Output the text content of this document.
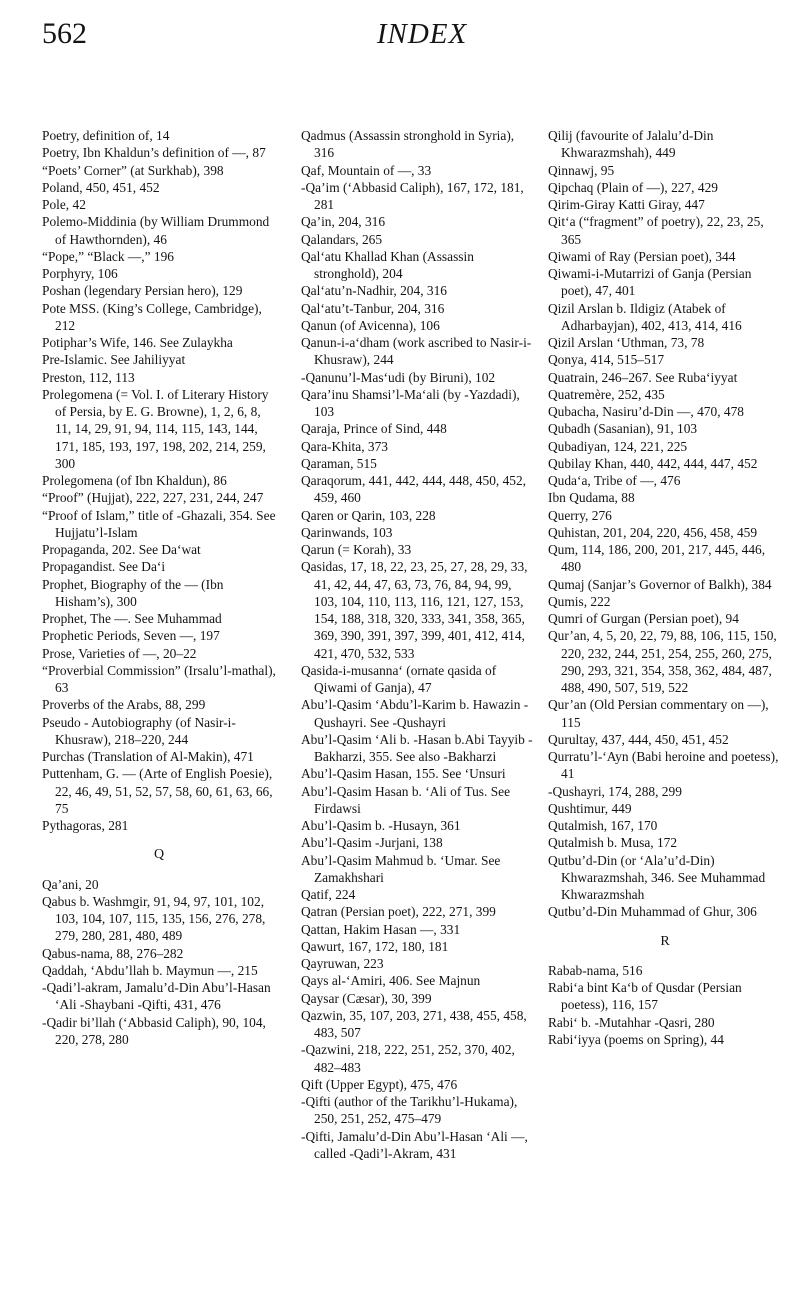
562	INDEX

Poetry, definition of, 14

Poetry, Ibn Khaldun’s definition of —, 87

“Poets’ Corner” (at Surkhab), 398

Poland, 450, 451, 452

Pole, 42

Polemo-Middinia (by William Drummond of Hawthornden), 46

“Pope,” “Black —,” 196

Porphyry, 106

Poshan (legendary Persian hero), 129

Pote MSS. (King’s College, Cambridge), 212

Potiphar’s Wife, 146. See Zulaykha

Pre-Islamic. See Jahiliyyat

Preston, 112, 113

Prolegomena (= Vol. I. of Literary History of Persia, by E. G. Browne), 1, 2, 6, 8, 11, 14, 29, 91, 94, 114, 115, 143, 144, 171, 185, 193, 197, 198, 202, 214, 259, 300

Prolegomena (of Ibn Khaldun), 86

“Proof” (Hujjat), 222, 227, 231, 244, 247

“Proof of Islam,” title of -Ghazali, 354. See Hujjatu’l-Islam

Propaganda, 202. See Da‘wat

Propagandist. See Da‘i

Prophet, Biography of the — (Ibn Hisham’s), 300

Prophet, The —. See Muhammad

Prophetic Periods, Seven —, 197

Prose, Varieties of —, 20–22

“Proverbial Commission” (Irsalu’l-mathal), 63

Proverbs of the Arabs, 88, 299

Pseudo - Autobiography (of Nasir-i-Khusraw), 218–220, 244

Purchas (Translation of Al-Makin), 471

Puttenham, G. — (Arte of English Poesie), 22, 46, 49, 51, 52, 57, 58, 60, 61, 63, 66, 75

Pythagoras, 281

Q

Qa’ani, 20

Qabus b. Washmgir, 91, 94, 97, 101, 102, 103, 104, 107, 115, 135, 156, 276, 278, 279, 280, 281, 480, 489

Qabus-nama, 88, 276–282

Qaddah, ‘Abdu’llah b. Maymun —, 215

-Qadi’l-akram, Jamalu’d-Din Abu’l-Hasan ‘Ali -Shaybani -Qifti, 431, 476

-Qadir bi’llah (‘Abbasid Caliph), 90, 104, 220, 278, 280

Qadmus (Assassin stronghold in Syria), 316

Qaf, Mountain of —, 33

-Qa’im (‘Abbasid Caliph), 167, 172, 181, 281

Qa’in, 204, 316

Qalandars, 265

Qal‘atu Khallad Khan (Assassin stronghold), 204

Qal‘atu’n-Nadhir, 204, 316

Qal‘atu’t-Tanbur, 204, 316

Qanun (of Avicenna), 106

Qanun-i-a‘dham (work ascribed to Nasir-i-Khusraw), 244

-Qanunu’l-Mas‘udi (by Biruni), 102

Qara’inu Shamsi’l-Ma‘ali (by -Yazdadi), 103

Qaraja, Prince of Sind, 448

Qara-Khita, 373

Qaraman, 515

Qaraqorum, 441, 442, 444, 448, 450, 452, 459, 460

Qaren or Qarin, 103, 228

Qarinwands, 103

Qarun (= Korah), 33

Qasidas, 17, 18, 22, 23, 25, 27, 28, 29, 33, 41, 42, 44, 47, 63, 73, 76, 84, 94, 99, 103, 104, 110, 113, 116, 121, 127, 153, 154, 188, 318, 320, 333, 341, 358, 365, 369, 390, 391, 397, 399, 401, 412, 414, 421, 470, 532, 533

Qasida-i-musanna‘ (ornate qasida of Qiwami of Ganja), 47

Abu’l-Qasim ‘Abdu’l-Karim b. Hawazin -Qushayri. See -Qushayri

Abu’l-Qasim ‘Ali b. -Hasan b.Abi Tayyib -Bakharzi, 355. See also -Bakharzi

Abu’l-Qasim Hasan, 155. See ‘Unsuri

Abu’l-Qasim Hasan b. ‘Ali of Tus. See Firdawsi

Abu’l-Qasim b. -Husayn, 361

Abu’l-Qasim -Jurjani, 138

Abu’l-Qasim Mahmud b. ‘Umar. See Zamakhshari

Qatif, 224

Qatran (Persian poet), 222, 271, 399

Qattan, Hakim Hasan —, 331

Qawurt, 167, 172, 180, 181

Qayruwan, 223

Qays al-‘Amiri, 406. See Majnun

Qaysar (Cæsar), 30, 399

Qazwin, 35, 107, 203, 271, 438, 455, 458, 483, 507

-Qazwini, 218, 222, 251, 252, 370, 402, 482–483

Qift (Upper Egypt), 475, 476

-Qifti (author of the Tarikhu’l-Hukama), 250, 251, 252, 475–479

-Qifti, Jamalu’d-Din Abu’l-Hasan ‘Ali —, called -Qadi’l-Akram, 431

Qilij (favourite of Jalalu’d-Din Khwarazmshah), 449

Qinnawj, 95

Qipchaq (Plain of —), 227, 429

Qirim-Giray Katti Giray, 447

Qit‘a (“fragment” of poetry), 22, 23, 25, 365

Qiwami of Ray (Persian poet), 344

Qiwami-i-Mutarrizi of Ganja (Persian poet), 47, 401

Qizil Arslan b. Ildigiz (Atabek of Adharbayjan), 402, 413, 414, 416

Qizil Arslan ‘Uthman, 73, 78

Qonya, 414, 515–517

Quatrain, 246–267. See Ruba‘iyyat

Quatremère, 252, 435

Qubacha, Nasiru’d-Din —, 470, 478

Qubadh (Sasanian), 91, 103

Qubadiyan, 124, 221, 225

Qubilay Khan, 440, 442, 444, 447, 452

Quda‘a, Tribe of —, 476

Ibn Qudama, 88

Querry, 276

Quhistan, 201, 204, 220, 456, 458, 459

Qum, 114, 186, 200, 201, 217, 445, 446, 480

Qumaj (Sanjar’s Governor of Balkh), 384

Qumis, 222

Qumri of Gurgan (Persian poet), 94

Qur’an, 4, 5, 20, 22, 79, 88, 106, 115, 150, 220, 232, 244, 251, 254, 255, 260, 275, 290, 293, 321, 354, 358, 362, 484, 487, 488, 490, 507, 519, 522

Qur’an (Old Persian commentary on —), 115

Qurultay, 437, 444, 450, 451, 452

Qurratu’l-‘Ayn (Babi heroine and poetess), 41

-Qushayri, 174, 288, 299

Qushtimur, 449

Qutalmish, 167, 170

Qutalmish b. Musa, 172

Qutbu’d-Din (or ‘Ala’u’d-Din) Khwarazmshah, 346. See Muhammad Khwarazmshah

Qutbu’d-Din Muhammad of Ghur, 306

R

Rabab-nama, 516

Rabi‘a bint Ka‘b of Qusdar (Persian poetess), 116, 157

Rabi‘ b. -Mutahhar -Qasri, 280

Rabi‘iyya (poems on Spring), 44
